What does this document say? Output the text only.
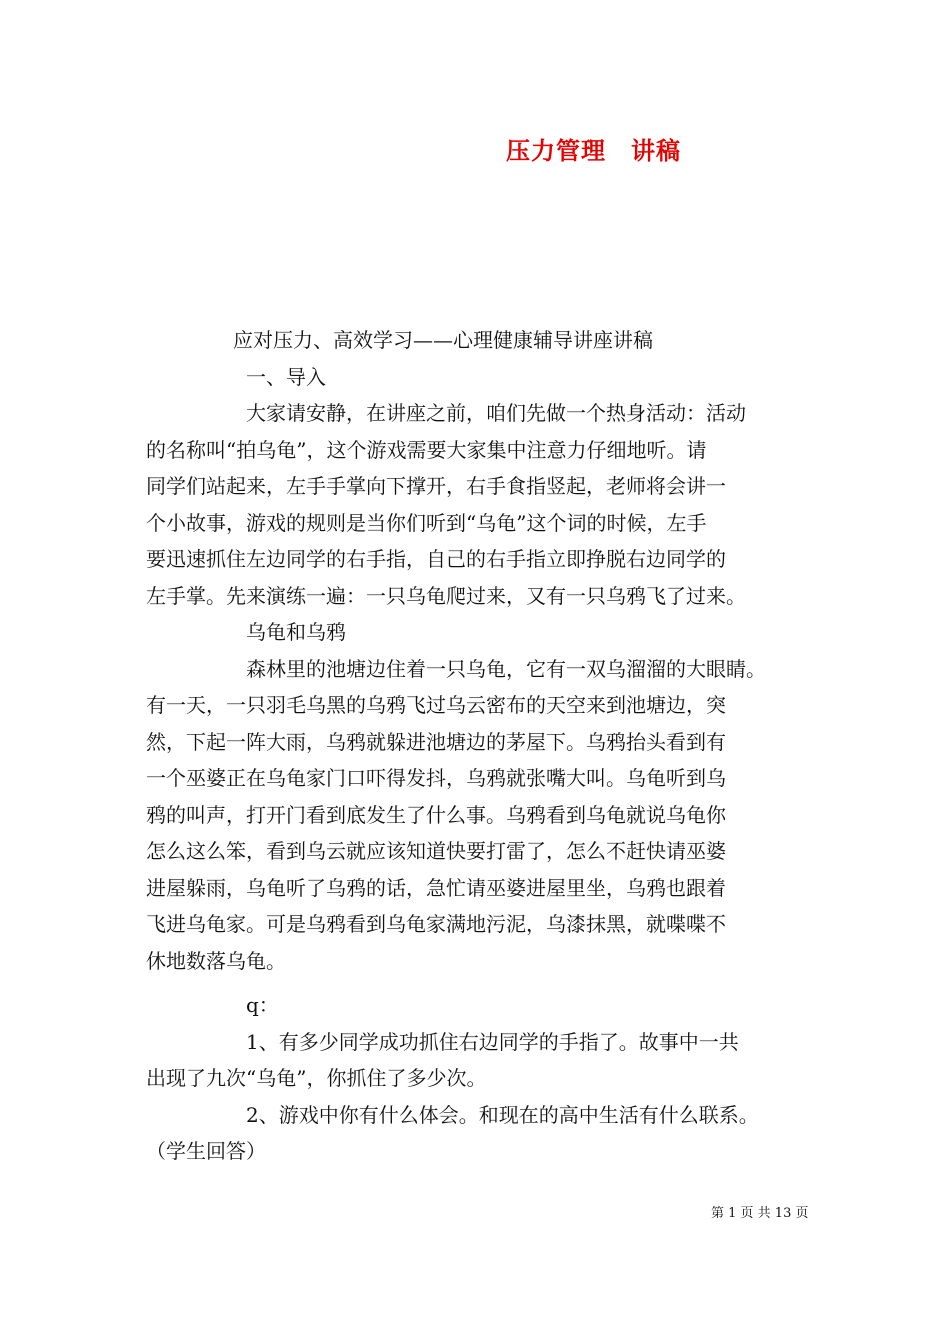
压力管理　讲稿
应对压力、高效学习——心理健康辅导讲座讲稿
一、导入
大家请安静，在讲座之前，咱们先做一个热身活动：活动
的名称叫“拍乌龟”，这个游戏需要大家集中注意力仔细地听。请
同学们站起来，左手手掌向下撑开，右手食指竖起，老师将会讲一
个小故事，游戏的规则是当你们听到“乌龟”这个词的时候，左手
要迅速抓住左边同学的右手指，自己的右手指立即挣脱右边同学的
左手掌。先来演练一遍：一只乌龟爬过来，又有一只乌鸦飞了过来。
乌龟和乌鸦
森林里的池塘边住着一只乌龟，它有一双乌溜溜的大眼睛。
有一天，一只羽毛乌黑的乌鸦飞过乌云密布的天空来到池塘边，突
然，下起一阵大雨，乌鸦就躲进池塘边的茅屋下。乌鸦抬头看到有
一个巫婆正在乌龟家门口吓得发抖，乌鸦就张嘴大叫。乌龟听到乌
鸦的叫声，打开门看到底发生了什么事。乌鸦看到乌龟就说乌龟你
怎么这么笨，看到乌云就应该知道快要打雷了，怎么不赶快请巫婆
进屋躲雨，乌龟听了乌鸦的话，急忙请巫婆进屋里坐，乌鸦也跟着
飞进乌龟家。可是乌鸦看到乌龟家满地污泥，乌漆抹黑，就喋喋不
休地数落乌龟。
q：
1、有多少同学成功抓住右边同学的手指了。故事中一共
出现了九次“乌龟”，你抓住了多少次。
2、游戏中你有什么体会。和现在的高中生活有什么联系。
（学生回答）
第 1 页 共 13 页
